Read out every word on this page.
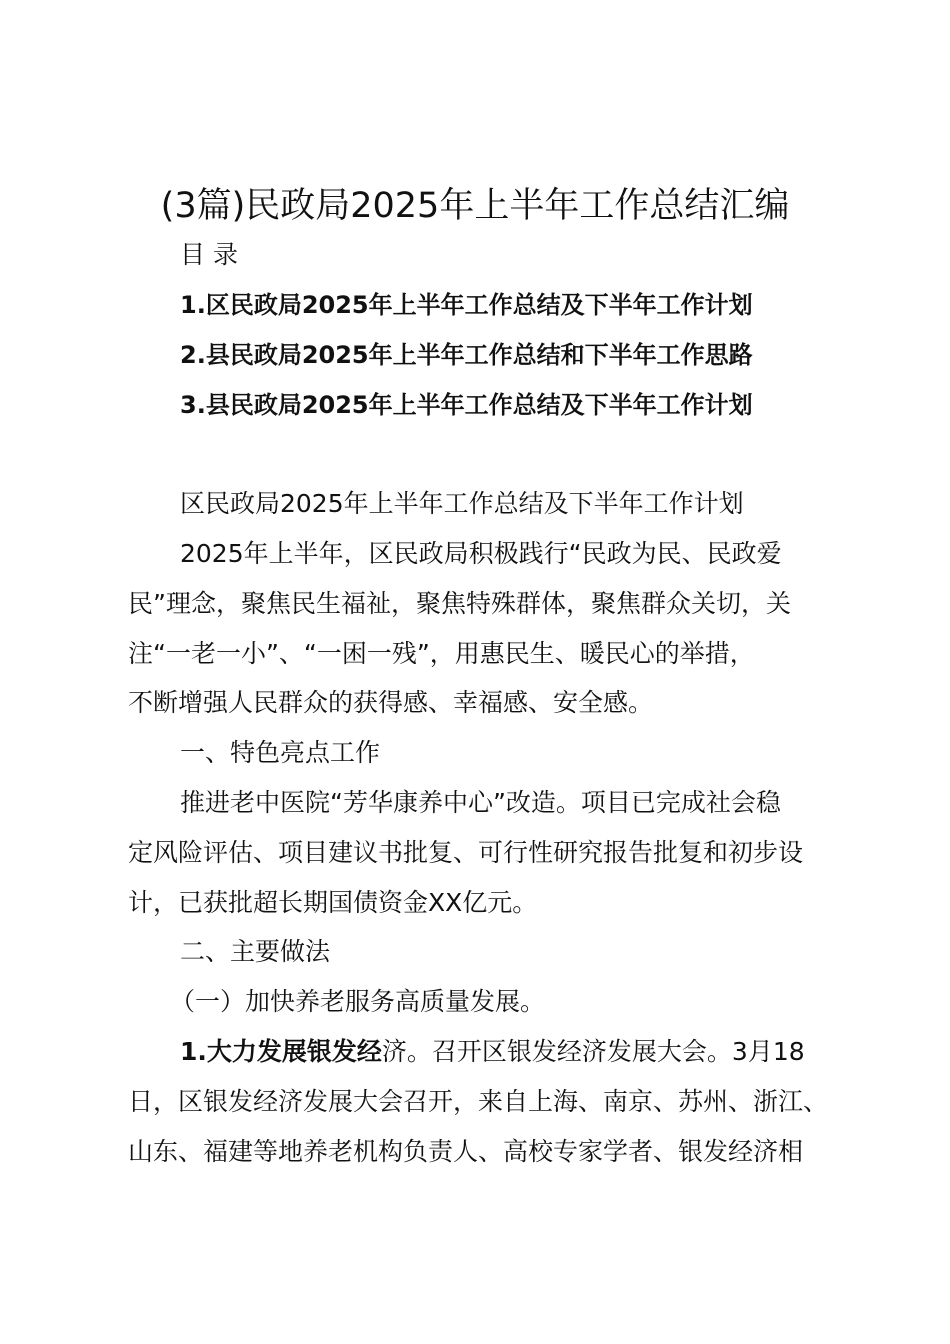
(3篇)民政局2025年上半年工作总结汇编
目 录
1.区民政局2025年上半年工作总结及下半年工作计划
2.县民政局2025年上半年工作总结和下半年工作思路
3.县民政局2025年上半年工作总结及下半年工作计划
区民政局2025年上半年工作总结及下半年工作计划
2025年上半年，区民政局积极践行“民政为民、民政爱
民”理念，聚焦民生福祉，聚焦特殊群体，聚焦群众关切，关
注“一老一小”、“一困一残”，用惠民生、暖民心的举措，
不断增强人民群众的获得感、幸福感、安全感。
一、特色亮点工作
推进老中医院“芳华康养中心”改造。项目已完成社会稳
定风险评估、项目建议书批复、可行性研究报告批复和初步设
计，已获批超长期国债资金XX亿元。
二、主要做法
（一）加快养老服务高质量发展。
1.大力发展银发经济。召开区银发经济发展大会。3月18
日，区银发经济发展大会召开，来自上海、南京、苏州、浙江、
山东、福建等地养老机构负责人、高校专家学者、银发经济相
